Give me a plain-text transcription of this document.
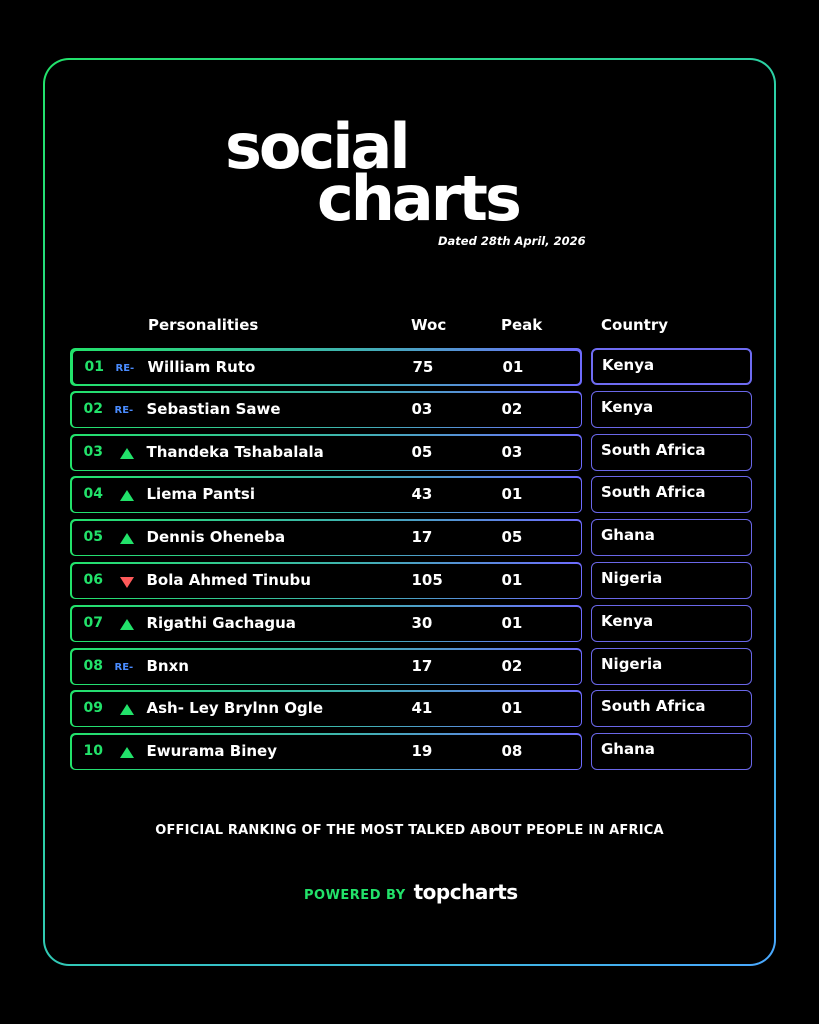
social
charts
Dated 28th April, 2026
Personalities	Woc	Peak	Country
01 RE- William Ruto	75	01	Kenya
02 RE- Sebastian Sawe	03	02	Kenya
03	Thandeka Tshabalala	05	03	South Africa
04	Liema Pantsi	43	01	South Africa
05	Dennis Oheneba	17	05	Ghana
06	Bola Ahmed Tinubu	105	01	Nigeria
07	Rigathi Gachagua	30	01	Kenya
08 RE- Bnxn	17	02	Nigeria
09	Ash- Ley Brylnn Ogle	41	01	South Africa
10	Ewurama Biney	19	08	Ghana
OFFICIAL RANKING OF THE MOST TALKED ABOUT PEOPLE IN AFRICA
POWERED BY topcharts
